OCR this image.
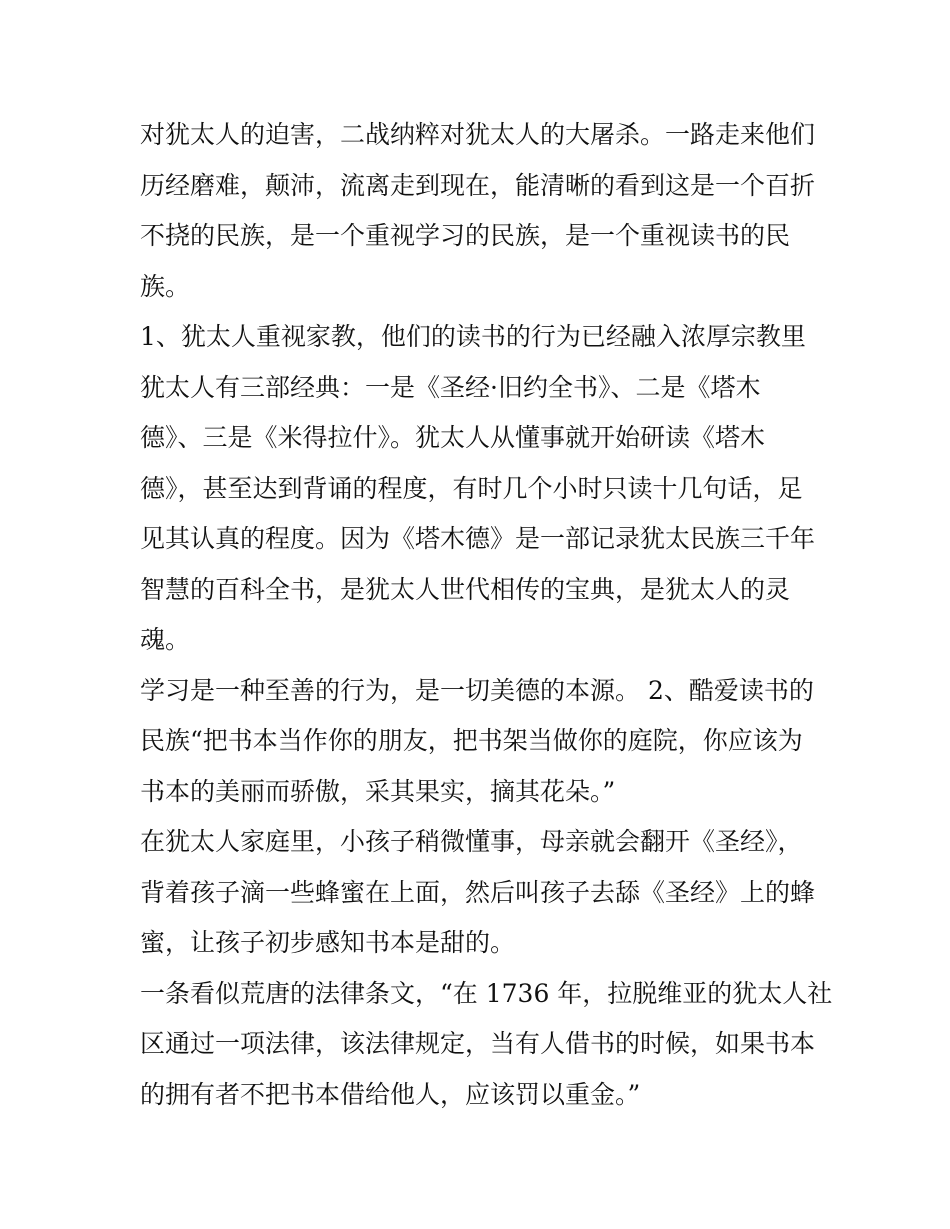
对犹太人的迫害，二战纳粹对犹太人的大屠杀。一路走来他们
历经磨难，颠沛，流离走到现在，能清晰的看到这是一个百折
不挠的民族，是一个重视学习的民族，是一个重视读书的民
族。
1、犹太人重视家教，他们的读书的行为已经融入浓厚宗教里
犹太人有三部经典：一是《圣经·旧约全书》、二是《塔木
德》、三是《米得拉什》。犹太人从懂事就开始研读《塔木
德》，甚至达到背诵的程度，有时几个小时只读十几句话，足
见其认真的程度。因为《塔木德》是一部记录犹太民族三千年
智慧的百科全书，是犹太人世代相传的宝典，是犹太人的灵
魂。
学习是一种至善的行为，是一切美德的本源。 2、酷爱读书的
民族“把书本当作你的朋友，把书架当做你的庭院，你应该为
书本的美丽而骄傲，采其果实，摘其花朵。”
在犹太人家庭里，小孩子稍微懂事，母亲就会翻开《圣经》，
背着孩子滴一些蜂蜜在上面，然后叫孩子去舔《圣经》上的蜂
蜜，让孩子初步感知书本是甜的。
一条看似荒唐的法律条文，“在 1736 年，拉脱维亚的犹太人社
区通过一项法律，该法律规定，当有人借书的时候，如果书本
的拥有者不把书本借给他人，应该罚以重金。”
